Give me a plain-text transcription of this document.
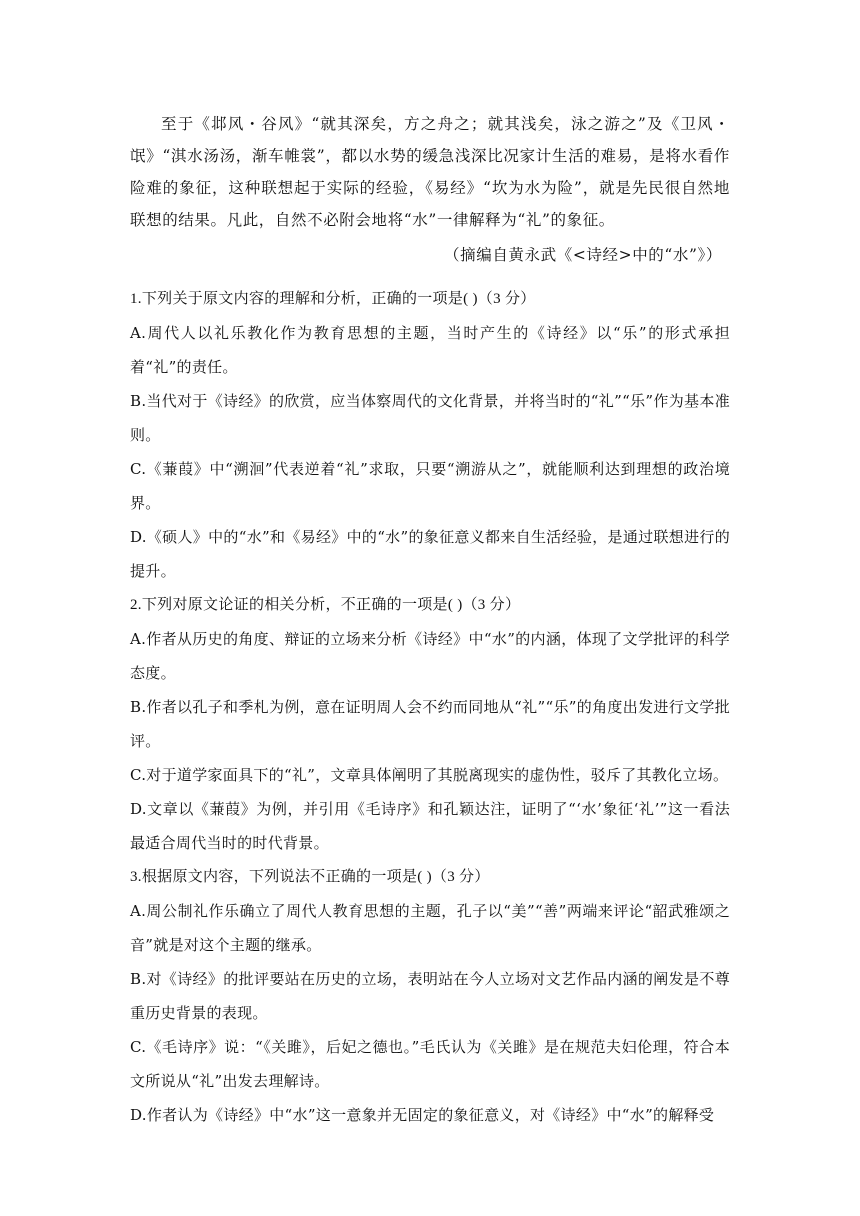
至于《邶风・谷风》“就其深矣，方之舟之；就其浅矣，泳之游之”及《卫风・氓》“淇水汤汤，渐车帷裳”，都以水势的缓急浅深比况家计生活的难易，是将水看作险难的象征，这种联想起于实际的经验，《易经》“坎为水为险”，就是先民很自然地联想的结果。凡此，自然不必附会地将“水”一律解释为“礼”的象征。

（摘编自黄永武《<诗经>中的“水”》）
1.下列关于原文内容的理解和分析，正确的一项是( )（3 分）
A.周代人以礼乐教化作为教育思想的主题，当时产生的《诗经》以“乐”的形式承担着“礼”的责任。
B.当代对于《诗经》的欣赏，应当体察周代的文化背景，并将当时的“礼”“乐”作为基本准则。
C.《蒹葭》中“溯洄”代表逆着“礼”求取，只要“溯游从之”，就能顺利达到理想的政治境界。
D.《硕人》中的“水”和《易经》中的“水”的象征意义都来自生活经验，是通过联想进行的提升。
2.下列对原文论证的相关分析，不正确的一项是( )（3 分）
A.作者从历史的角度、辩证的立场来分析《诗经》中“水”的内涵，体现了文学批评的科学态度。
B.作者以孔子和季札为例，意在证明周人会不约而同地从“礼”“乐”的角度出发进行文学批评。
C.对于道学家面具下的“礼”，文章具体阐明了其脱离现实的虚伪性，驳斥了其教化立场。
D.文章以《蒹葭》为例，并引用《毛诗序》和孔颖达注，证明了“‘水’象征‘礼’”这一看法最适合周代当时的时代背景。
3.根据原文内容，下列说法不正确的一项是( )（3 分）
A.周公制礼作乐确立了周代人教育思想的主题，孔子以“美”“善”两端来评论“韶武雅颂之音”就是对这个主题的继承。
B.对《诗经》的批评要站在历史的立场，表明站在今人立场对文艺作品内涵的阐发是不尊重历史背景的表现。
C.《毛诗序》说：“《关雎》，后妃之德也。”毛氏认为《关雎》是在规范夫妇伦理，符合本文所说从“礼”出发去理解诗。
D.作者认为《诗经》中“水”这一意象并无固定的象征意义，对《诗经》中“水”的解释受
